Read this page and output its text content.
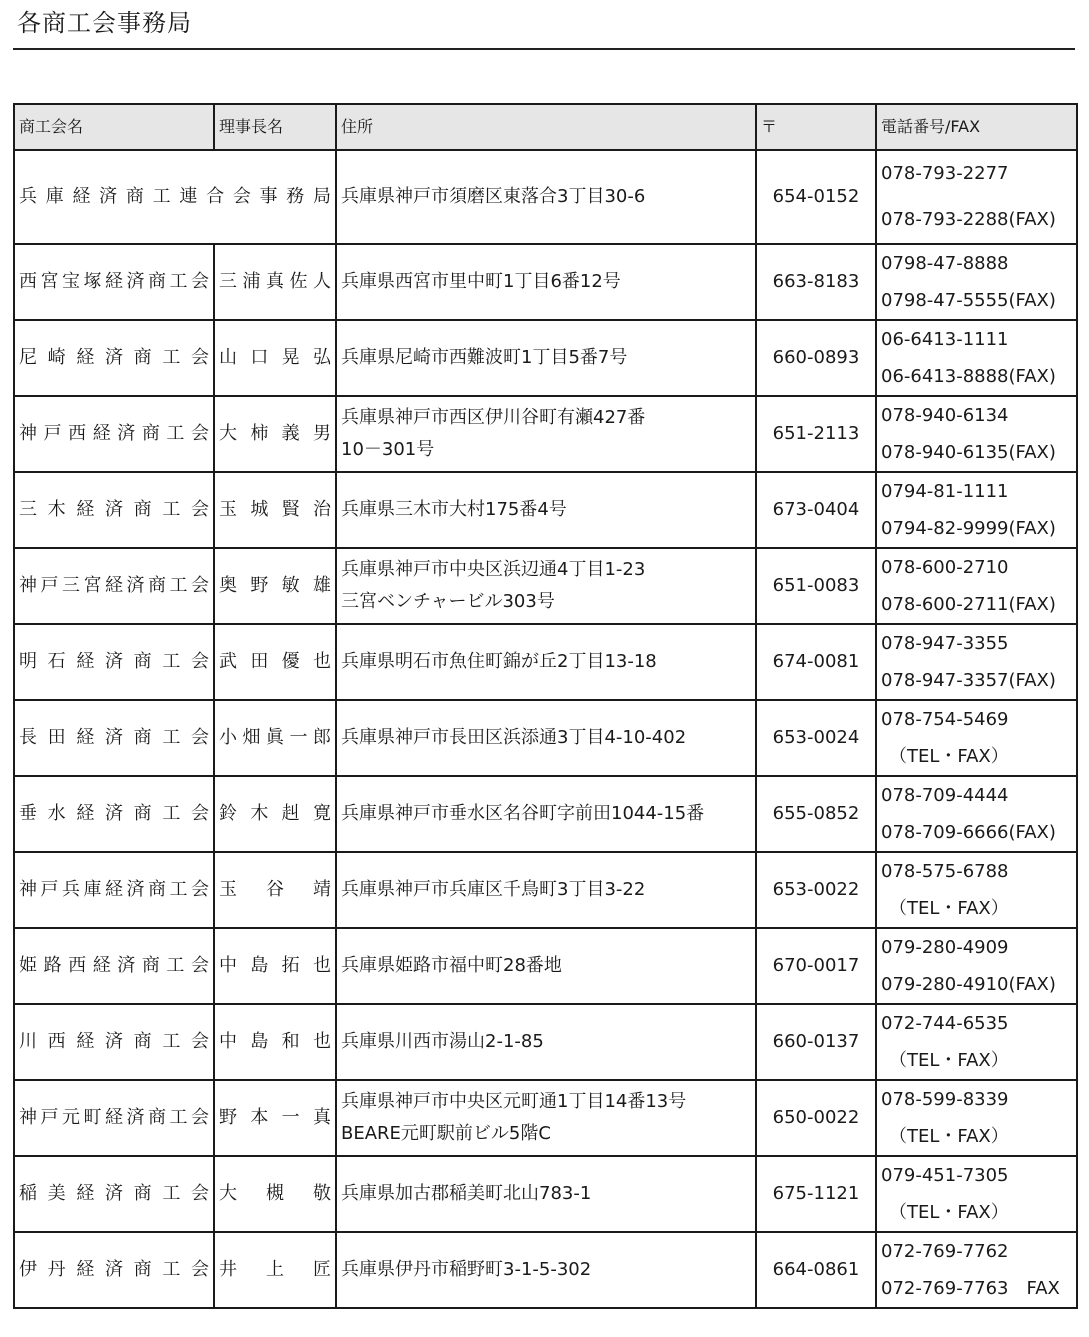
各商工会事務局
商工会名	理事長名	住所	〒	電話番号/FAX
兵庫経済商工連合会事務局		兵庫県神戸市須磨区東落合3丁目30-6	654-0152	078-793-2277
078-793-2288(FAX)

西宮宝塚経済商工会	三浦真佐人	兵庫県西宮市里中町1丁目6番12号	663-8183	0798-47-8888
0798-47-5555(FAX)

尼崎経済商工会	山口晃弘	兵庫県尼崎市西難波町1丁目5番7号	660-0893	06-6413-1111
06-6413-8888(FAX)

神戸西経済商工会	大柿義男	兵庫県神戸市西区伊川谷町有瀬427番
10－301号	651-2113	078-940-6134
078-940-6135(FAX)

三木経済商工会	玉城賢治	兵庫県三木市大村175番4号	673-0404	0794-81-1111
0794-82-9999(FAX)

神戸三宮経済商工会	奥野敏雄	兵庫県神戸市中央区浜辺通4丁目1-23
三宮ベンチャービル303号	651-0083	078-600-2710
078-600-2711(FAX)

明石経済商工会	武田優也	兵庫県明石市魚住町錦が丘2丁目13-18	674-0081	078-947-3355
078-947-3357(FAX)

長田経済商工会	小畑眞一郎	兵庫県神戸市長田区浜添通3丁目4-10-402	653-0024	078-754-5469
（TEL・FAX）

垂水経済商工会	鈴木赳寛	兵庫県神戸市垂水区名谷町字前田1044-15番	655-0852	078-709-4444
078-709-6666(FAX)

神戸兵庫経済商工会	玉谷靖	兵庫県神戸市兵庫区千鳥町3丁目3-22	653-0022	078-575-6788
（TEL・FAX）

姫路西経済商工会	中島拓也	兵庫県姫路市福中町28番地	670-0017	079-280-4909
079-280-4910(FAX)

川西経済商工会	中島和也	兵庫県川西市湯山2-1-85	660-0137	072-744-6535
（TEL・FAX）

神戸元町経済商工会	野本一真	兵庫県神戸市中央区元町通1丁目14番13号
BEARE元町駅前ビル5階C	650-0022	078-599-8339
（TEL・FAX）

稲美経済商工会	大槻敬	兵庫県加古郡稲美町北山783-1	675-1121	079-451-7305
（TEL・FAX）

伊丹経済商工会	井上匠	兵庫県伊丹市稲野町3-1-5-302	664-0861	072-769-7762
072-769-7763　FAX
